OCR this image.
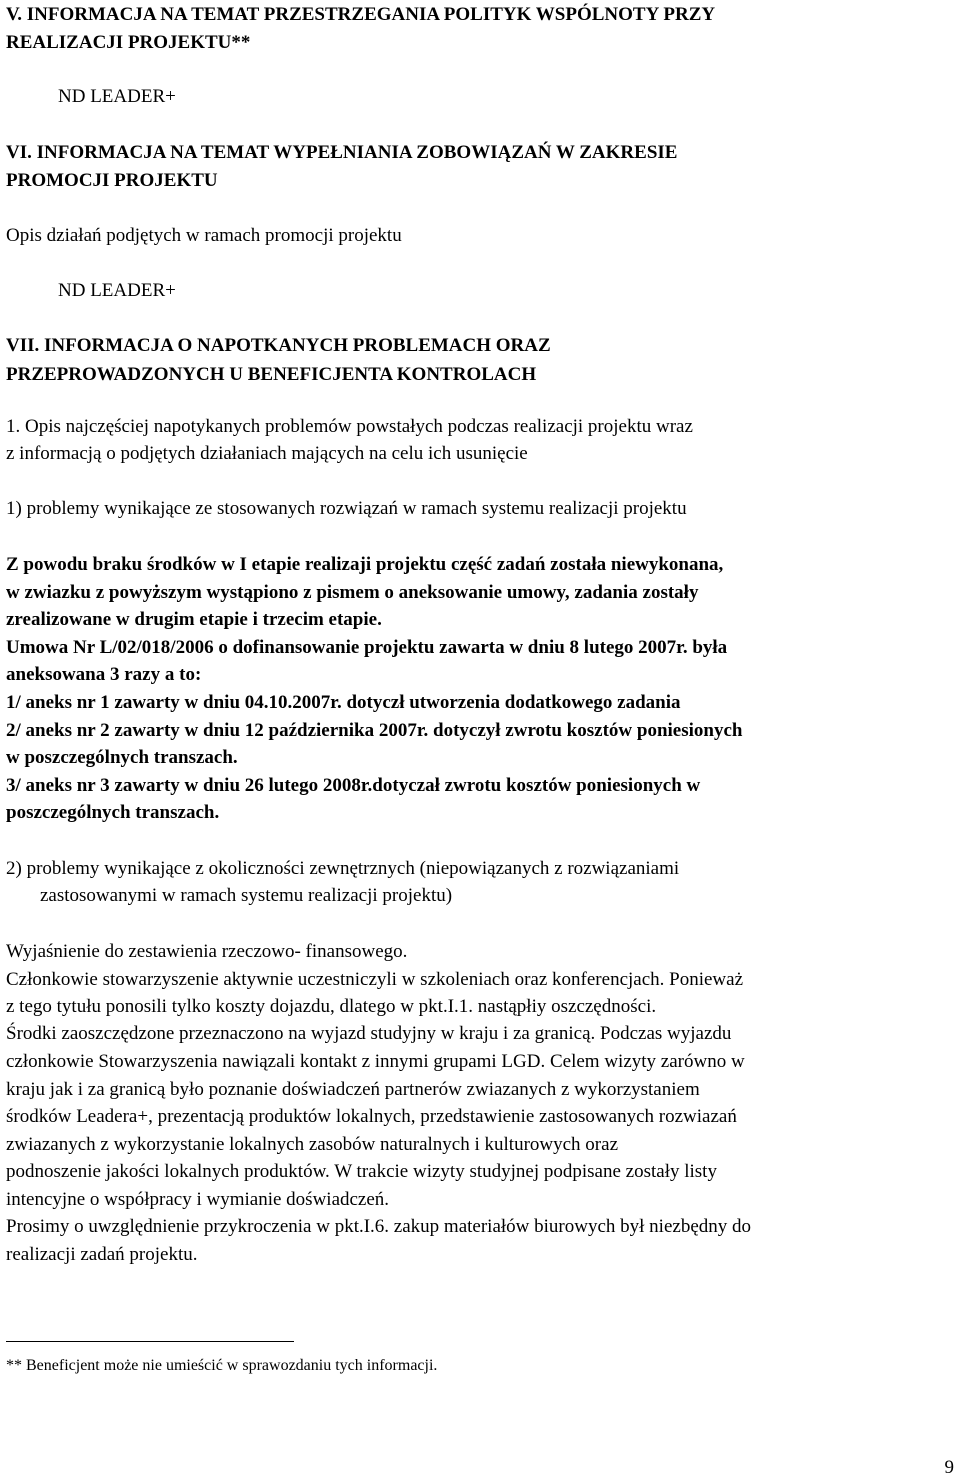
V. INFORMACJA NA TEMAT PRZESTRZEGANIA POLITYK WSPÓLNOTY PRZY

REALIZACJI PROJEKTU**

ND LEADER+

VI. INFORMACJA NA TEMAT WYPEŁNIANIA ZOBOWIĄZAŃ W ZAKRESIE

PROMOCJI PROJEKTU

Opis działań podjętych w ramach promocji projektu

ND LEADER+

VII. INFORMACJA O NAPOTKANYCH PROBLEMACH ORAZ

PRZEPROWADZONYCH U BENEFICJENTA KONTROLACH

1. Opis najczęściej napotykanych problemów powstałych podczas realizacji projektu wraz

z informacją o podjętych działaniach mających na celu ich usunięcie

1) problemy wynikające ze stosowanych rozwiązań w ramach systemu realizacji projektu

Z powodu braku środków w I etapie realizaji projektu część zadań została niewykonana,

w zwiazku z powyższym wystąpiono z pismem o aneksowanie umowy, zadania zostały

zrealizowane w drugim etapie i trzecim etapie.

Umowa Nr L/02/018/2006 o dofinansowanie projektu zawarta w dniu 8 lutego 2007r. była

aneksowana 3 razy a to:

1/ aneks nr 1 zawarty w dniu 04.10.2007r. dotyczł utworzenia dodatkowego zadania

2/ aneks nr 2 zawarty w dniu 12 października 2007r. dotyczył zwrotu kosztów poniesionych

w poszczególnych transzach.

3/ aneks nr 3 zawarty w dniu 26 lutego 2008r.dotyczał zwrotu kosztów poniesionych w

poszczególnych transzach.

2) problemy wynikające z okoliczności zewnętrznych (niepowiązanych z rozwiązaniami

zastosowanymi w ramach systemu realizacji projektu)

Wyjaśnienie do zestawienia rzeczowo- finansowego.

Członkowie stowarzyszenie aktywnie uczestniczyli w szkoleniach oraz konferencjach. Ponieważ

z tego tytułu ponosili tylko koszty dojazdu, dlatego w pkt.I.1. nastąpłiy oszczędności.

Środki zaoszczędzone przeznaczono na wyjazd studyjny w kraju i za granicą. Podczas wyjazdu

członkowie Stowarzyszenia nawiązali kontakt z innymi grupami LGD. Celem wizyty zarówno w

kraju jak i za granicą było poznanie doświadczeń partnerów zwiazanych z wykorzystaniem

środków Leadera+, prezentacją produktów lokalnych, przedstawienie zastosowanych rozwiazań

zwiazanych z wykorzystanie lokalnych zasobów naturalnych i kulturowych oraz

podnoszenie jakości lokalnych produktów. W trakcie wizyty studyjnej podpisane zostały listy

intencyjne o współpracy i wymianie doświadczeń.

Prosimy o uwzględnienie przykroczenia w pkt.I.6. zakup materiałów biurowych był niezbędny do

realizacji zadań projektu.

** Beneficjent może nie umieścić w sprawozdaniu tych informacji.

9
